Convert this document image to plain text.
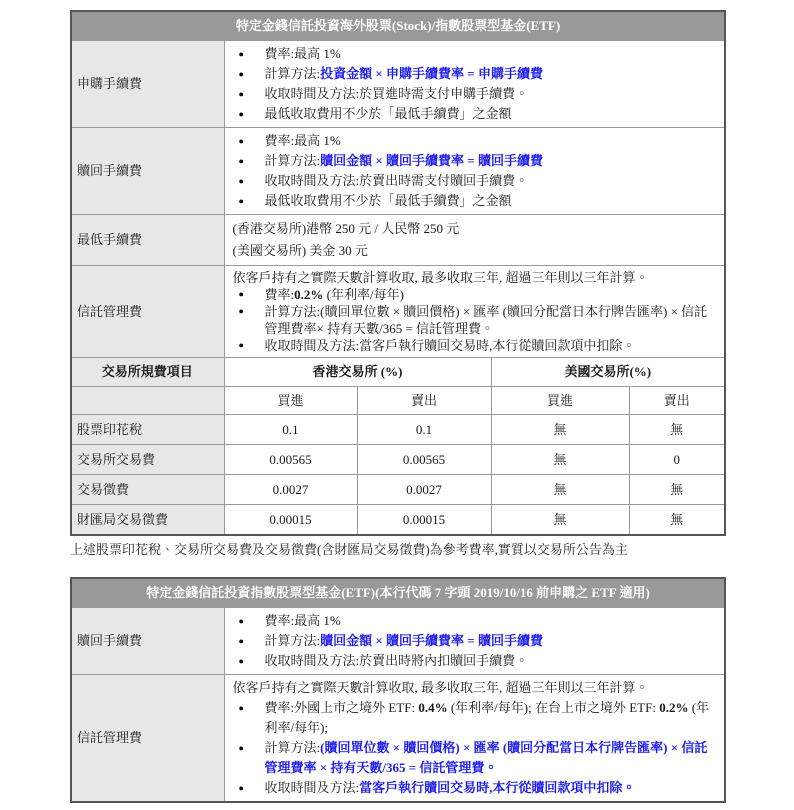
特定金錢信託投資海外股票(Stock)/指數股票型基金(ETF)				
申購手續費	
● 費率:最高 1%
● 計算方法:投資金額 × 申購手續費率 = 申購手續費
● 收取時間及方法:於買進時需支付申購手續費。
● 最低收取費用不少於「最低手續費」之金額

贖回手續費	
● 費率:最高 1%
● 計算方法:贖回金額 × 贖回手續費率 = 贖回手續費
● 收取時間及方法:於賣出時需支付贖回手續費。
● 最低收取費用不少於「最低手續費」之金額

最低手續費	(香港交易所)港幣 250 元 / 人民幣 250 元
(美國交易所) 美金 30 元			

信託管理費	
依客戶持有之實際天數計算收取, 最多收取三年, 超過三年則以三年計算。
● 費率:0.2% (年利率/每年)
● 計算方法:(贖回單位數 × 贖回價格) × 匯率 (贖回分配當日本行牌告匯率) × 信託管理費率× 持有天數/365 = 信託管理費。
● 收取時間及方法:當客戶執行贖回交易時,本行從贖回款項中扣除。

交易所規費項目	香港交易所 (%)		美國交易所(%)	
	買進	賣出	買進	賣出
股票印花稅	0.1	0.1	無	無
交易所交易費	0.00565	0.00565	無	0
交易徵費	0.0027	0.0027	無	無
財匯局交易徵費	0.00015	0.00015	無	無
上述股票印花稅、交易所交易費及交易徵費(含財匯局交易徵費)為參考費率,實質以交易所公告為主
特定金錢信託投資指數股票型基金(ETF)(本行代碼 7 字頭 2019/10/16 前申購之 ETF 適用)	
贖回手續費	
● 費率:最高 1%
● 計算方法:贖回金額 × 贖回手續費率 = 贖回手續費
● 收取時間及方法:於賣出時將內扣贖回手續費。

信託管理費	
依客戶持有之實際天數計算收取, 最多收取三年, 超過三年則以三年計算。
● 費率:外國上市之境外 ETF: 0.4% (年利率/每年); 在台上市之境外 ETF: 0.2% (年利率/每年);
● 計算方法:(贖回單位數 × 贖回價格) × 匯率 (贖回分配當日本行牌告匯率) × 信託管理費率 × 持有天數/365 = 信託管理費。
● 收取時間及方法:當客戶執行贖回交易時,本行從贖回款項中扣除。
